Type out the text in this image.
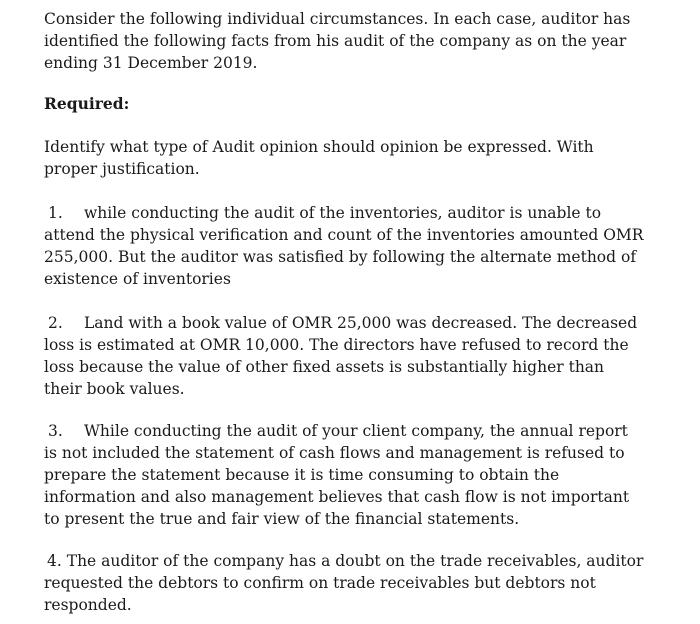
Consider the following individual circumstances. In each case, auditor has identified the following facts from his audit of the company as on the year ending 31 December 2019.

Required:

Identify what type of Audit opinion should opinion be expressed. With proper justification.

1. while conducting the audit of the inventories, auditor is unable to attend the physical verification and count of the inventories amounted OMR 255,000. But the auditor was satisfied by following the alternate method of existence of inventories

2. Land with a book value of OMR 25,000 was decreased. The decreased loss is estimated at OMR 10,000. The directors have refused to record the loss because the value of other fixed assets is substantially higher than their book values.

3. While conducting the audit of your client company, the annual report is not included the statement of cash flows and management is refused to prepare the statement because it is time consuming to obtain the information and also management believes that cash flow is not important to present the true and fair view of the financial statements.

4. The auditor of the company has a doubt on the trade receivables, auditor requested the debtors to confirm on trade receivables but debtors not responded.
